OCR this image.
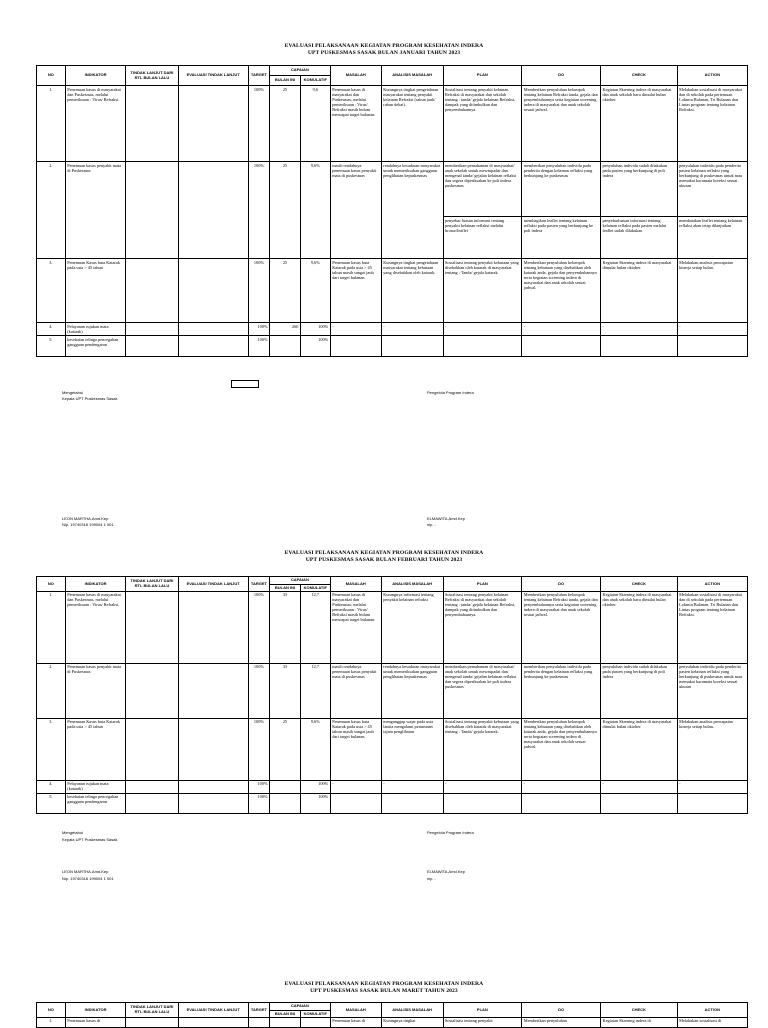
EVALUASI PELAKSANAAN KEGIATAN PROGRAM KESEHATAN INDERA
UPT PUSKESMAS SASAK BULAN JANUARI TAHUN 2023
NO	INDIKATOR	TINDAK LANJUT DARI RTL BULAN LALU	EVALUASI TINDAK LANJUT	TARGET	CAPAIAN		MASALAH	ANALISIS MASALAH	PLAN	DO	CHECK	ACTION
					BULAN INI	KOMULATIF						
1.	Penemuan kasus di masyarakat dan Puskesmas, melalui pemeriksaan : Virus/ Refraksi.			100%	25	9,6	Penemuan kasus di masyarakat dan Puskesmas, melalui pemeriksaan : Virus/ Refraksi masih bulum mencapai target bulanan.	Kurangnya tingkat pengetahuan masyarakat tentang penyakit kelainan Refraksi (rabun jauh/ rabun dekat).	Sosialisasi tentang penyakit kelainan Refraksi di masyarakat dan sekolah tentang : tanda/ gejala kelainan Refraksi, dampak yang ditimbulkan dan penyembuhannya.	Memberikan penyuluhan kelompok tentang kelainan Refraksi tanda, gejala dan penyembuhannya serta kegiatan screening indera di masyarakat dan anak sekolah sesuai jadwal.	Kegiatan Skrening indera di masyarakat dan anak sekolah baru dimulai bulan oktober.	Melakukan sosialisasi di masyarakat dan di sekolah pada pertemuan Lokmin Bulanan, Tri Bulanan dan Lintas program tentang kelainan Refraksi.
2.	Penemuan kasus penyakit mata di Puskesmas			100%	25	9,6%	masih rendahnya penemuan kasus penyakit mata di puskesmas	rendahnya kesadaran masyarakat untuk memeriksakan gangguan penglihatan kepuskesmas	memberikan pemahaman di masyarakat/ anak sekolah untuk mewaspadai dan mengenal tanda/ gejalan kelainan reflaksi dan segera diperiksakan ke poli indera puskesmas	memberikan penyuluhan individu pada penderita dengan kelainan reflaksi yang berkunjung ke puskesmas	penyuluhan individu sudah dilakukan pada pasien yang berkunjung di poli indera	penyuluhan individu pada penderita pasien kelainan reflaksi yang berkunjung di puskesmas untuk mau memakai kacamata koreksi sesuai ukuran
									penyebar luasan informasi tentang penyakit kelainan reflaksi melalui brosur/leaflet	membagikan leaflet tentang kelainan reflaksi pada pasien yang berkunjung ke poli indera	penyebarluasan informasi tentang kelainan reflaksi pada pasien melalui leaflet sudah dilakukan	membatakan leaflet tentang kelainan reflaksi akan tetap dilanjutkan
3.	Penemuan Kasus buta Katarak pada usia > 45 tahun			100%	25	9,6%	Penemuan kasus buta Katarak pada usia > 45 tahun masih sangat jauh dari target bulanan.	Kurangnya tingkat pengetahuan masyarakat tentang kebutaan yang disebabkan oleh katarak.	Sosialisasi tentang penyakit kebutaan yang disebabkan oleh katarak di masyarakat tentang : Tanda/ gejala katarak.	Memberikan penyuluhan kelompok tentang kebutaan yang disebabkan oleh katarak anda, gejala dan penyembuhannya serta kegiatan screening indera di masyarakat dan anak sekolah sesuai jadwal.	Kegiatan Skrening indera di masyarakat dimulai bulan oktober.	Melakukan analisis pencapaian kinerja setiap bulan.
4.	Pelayanan rujukan mata (katarak)			100%	260	100%	-	-	-	-	-	-
5.	kesehatan telinga pencegahan gangguan pendengaran			100%		100%						
Mengetahui
Kepala UPT Puskesmas Sasak
Pengelola Program Indera
LEON MARTHA,Amd.Kep
Nip. 19740318 199004 1 001
ELMAWITA,Amd.Kep
nip. -
EVALUASI PELAKSANAAN KEGIATAN PROGRAM KESEHATAN INDERA
UPT PUSKESMAS SASAK BULAN FEBRUARI TAHUN 2023
NO	INDIKATOR	TINDAK LANJUT DARI RTL BULAN LALU	EVALUASI TINDAK LANJUT	TARGET	CAPAIAN		MASALAH	ANALISIS MASALAH	PLAN	DO	CHECK	ACTION
					BULAN INI	KOMULATIF						
1.	Penemuan kasus di masyarakat dan Puskesmas, melalui pemeriksaan : Virus/ Refraksi.			100%	33	12,7	Penemuan kasus di masyarakat dan Puskesmas, melalui pemeriksaan : Virus/ Refraksi masih bulum mencapai target bulanan.	Kurangnya informasi tentang penyakit kelainan refraksi	Sosialisasi tentang penyakit kelainan Refraksi di masyarakat dan sekolah tentang : tanda/ gejala kelainan Refraksi, dampak yang ditimbulkan dan penyembuhannya.	Memberikan penyuluhan kelompok tentang kelainan Refraksi tanda, gejala dan penyembuhannya serta kegiatan screening indera di masyarakat dan anak sekolah sesuai jadwal.	Kegiatan Skrening indera di masyarakat dan anak sekolah baru dimulai bulan oktober.	Melakukan sosialisasi di masyarakat dan di sekolah pada pertemuan Lokmin Bulanan, Tri Bulanan dan Lintas program tentang kelainan Refraksi.
2.	Penemuan kasus penyakit mata di Puskesmas			100%	33	12,7	masih rendahnya penemuan kasus penyakit mata di puskesmas	rendahnya kesadaran masyarakat untuk memeriksakan gangguan penglihatan kepuskesmas	memberikan pemahaman di masyarakat/ anak sekolah untuk mewaspadai dan mengenal tanda/ gejalan kelainan reflaksi dan segera diperiksakan ke poli indera puskesmas	memberikan penyuluhan individu pada penderita dengan kelainan reflaksi yang berkunjung ke puskesmas	penyuluhan individu sudah dilakukan pada pasien yang berkunjung di poli indera	penyuluhan individu pada penderita pasien kelainan reflaksi yang berkunjung di puskesmas untuk mau memakai kacamata koreksi sesuai ukuran
3.	Penemuan Kasus buta Katarak pada usia > 45 tahun			100%	25	9,6%	Penemuan kasus buta Katarak pada usia > 45 tahun masih sangat jauh dari target bulanan.	menganggap wajar pada usia lansia mengalami penurunan tajam penglihatan	Sosialisasi tentang penyakit kebutaan yang disebabkan oleh katarak di masyarakat tentang : Tanda/ gejala katarak.	Memberikan penyuluhan kelompok tentang kebutaan yang disebabkan oleh katarak anda, gejala dan penyembuhannya serta kegiatan screening indera di masyarakat dan anak sekolah sesuai jadwal.	Kegiatan Skrening indera di masyarakat dimulai bulan oktober.	Melakukan analisis pencapaian kinerja setiap bulan.
4.	Pelayanan rujukan mata (katarak)			100%		100%	-	-	-	-	-	-
5.	kesehatan telinga pencegahan gangguan pendengaran			100%		100%						
Mengetahui
Kepala UPT Puskesmas Sasak
Pengelola Program Indera
LEON MARTHA,Amd.Kep
Nip. 19740318 199004 1 001
ELMAWITA,Amd.Kep
nip. -
EVALUASI PELAKSANAAN KEGIATAN PROGRAM KESEHATAN INDERA
UPT PUSKESMAS SASAK BULAN MARET TAHUN 2023
NO	INDIKATOR	TINDAK LANJUT DARI RTL BULAN LALU	EVALUASI TINDAK LANJUT	TARGET	CAPAIAN		MASALAH	ANALISIS MASALAH	PLAN	DO	CHECK	ACTION
					BULAN INI	KOMULATIF						
1.	Penemuan kasus di						Penemuan kasus di	Kurangnya tingkat	Sosialisasi tentang penyakit	Memberikan penyuluhan	Kegiatan Skrening indera di	Melakukan sosialisasi di
